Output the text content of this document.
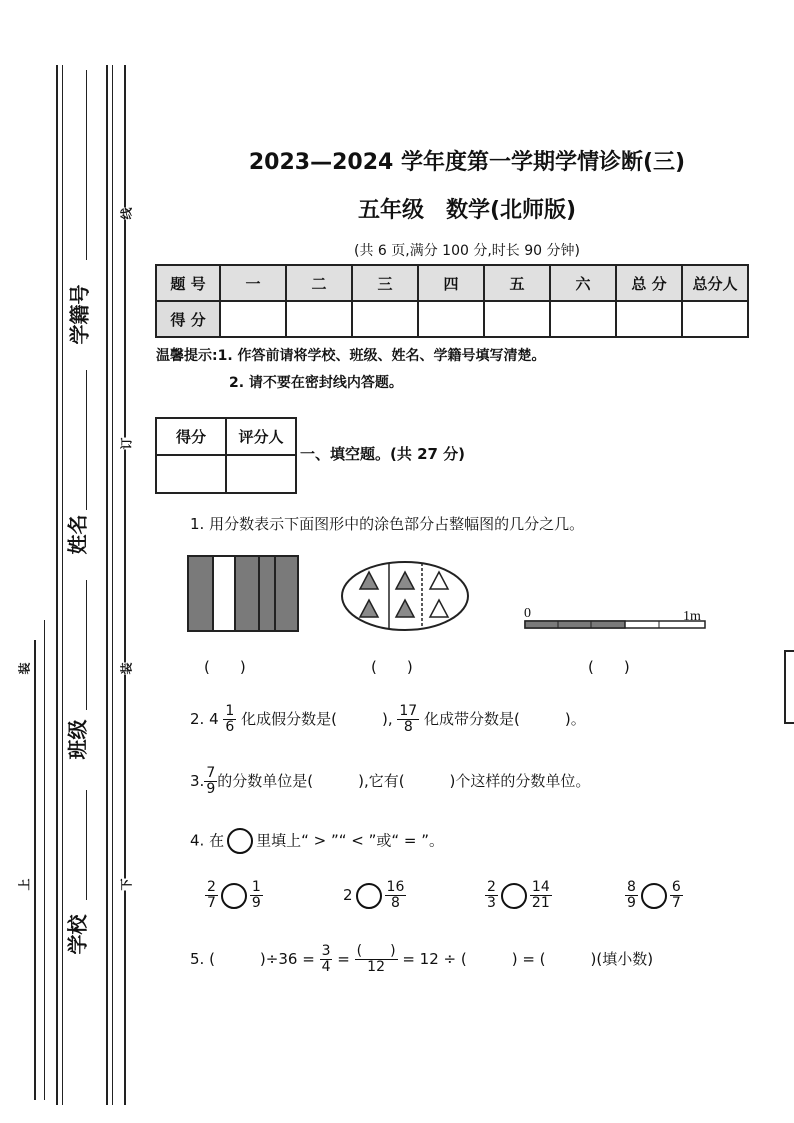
学籍号
姓名
班级
学校
装
上
线
订
装
下
2023—2024 学年度第一学期学情诊断(三)
五年级　数学(北师版)
(共 6 页,满分 100 分,时长 90 分钟)
题 号	一	二	三	四	五	六	总 分	总分人
得 分								
温馨提示:1. 作答前请将学校、班级、姓名、学籍号填写清楚。
2. 请不要在密封线内答题。
得分	评分人

一、填空题。(共 27 分)
1. 用分数表示下面图形中的涂色部分占整幅图的几分之几。
0	1m
(　　)	(　　)	(　　)
2. $4 \frac{1}{6}$ 化成假分数是(　　　), $\frac{17}{8}$ 化成带分数是(　　　)。
3. $\frac{7}{9}$ 的分数单位是(　　　),它有(　　　)个这样的分数单位。
4. 在 里填上“ > ”“ < ”或“ = ”。
$\frac{2}{7} \frac{1}{9}$	$2 \frac{16}{8}$	$\frac{2}{3} \frac{14}{21}$	$\frac{8}{9} \frac{6}{7}$
5. (　　　)$\div 36 = \frac{3}{4} = \frac{( )}{12} = 12$ ÷ (　　　) = (　　　)(填小数)
